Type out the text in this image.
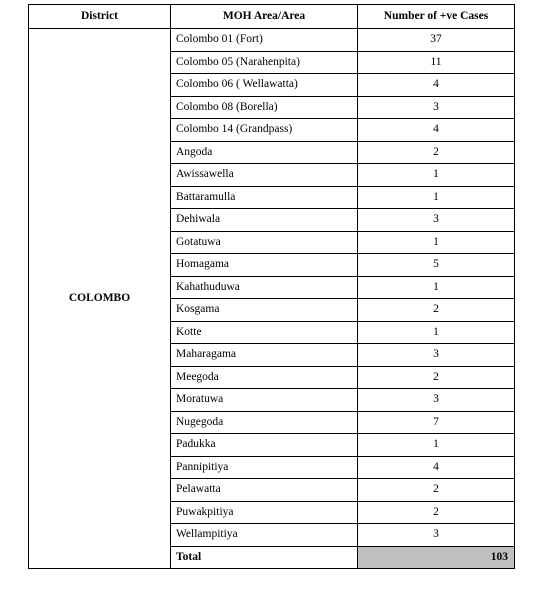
District	MOH Area/Area	Number of +ve Cases
COLOMBO	Colombo 01 (Fort)	37
	Colombo 05 (Narahenpita)	11
	Colombo 06 ( Wellawatta)	4
	Colombo 08 (Borella)	3
	Colombo 14 (Grandpass)	4
	Angoda	2
	Awissawella	1
	Battaramulla	1
	Dehiwala	3
	Gotatuwa	1
	Homagama	5
	Kahathuduwa	1
	Kosgama	2
	Kotte	1
	Maharagama	3
	Meegoda	2
	Moratuwa	3
	Nugegoda	7
	Padukka	1
	Pannipitiya	4
	Pelawatta	2
	Puwakpitiya	2
	Wellampitiya	3
	Total	103
